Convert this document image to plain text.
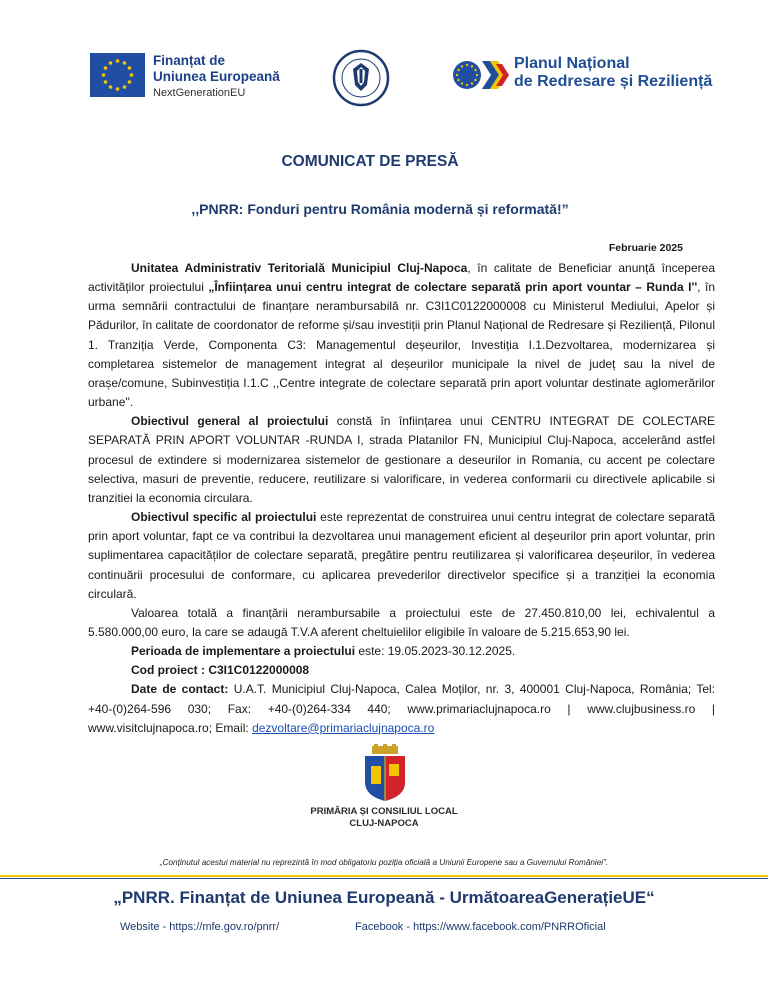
Finanțat de
Uniunea Europeană
NextGenerationEU
Planul Național
de Redresare și Reziliență
COMUNICAT DE PRESĂ
,,PNRR: Fonduri pentru România modernă și reformată!”
Februarie 2025

Unitatea Administrativ Teritorială Municipiul Cluj-Napoca, în calitate de Beneficiar anunță începerea activităților proiectului „Înființarea unui centru integrat de colectare separată prin aport vountar – Runda I'', în urma semnării contractului de finanțare nerambursabilă nr. C3I1C0122000008 cu Ministerul Mediului, Apelor și Pădurilor, în calitate de coordonator de reforme și/sau investiții prin Planul Național de Redresare și Reziliență, Pilonul 1. Tranziția Verde, Componenta C3: Managementul deșeurilor, Investiția I.1.Dezvoltarea, modernizarea și completarea sistemelor de management integrat al deșeurilor municipale la nivel de județ sau la nivel de orașe/comune, Subinvestiția I.1.C ,,Centre integrate de colectare separată prin aport voluntar destinate aglomerărilor urbane''.

Obiectivul general al proiectului constă în înființarea unui CENTRU INTEGRAT DE COLECTARE SEPARATĂ PRIN APORT VOLUNTAR -RUNDA I, strada Platanilor FN, Municipiul Cluj-Napoca, accelerând astfel procesul de extindere si modernizarea sistemelor de gestionare a deseurilor in Romania, cu accent pe colectare selectiva, masuri de preventie, reducere, reutilizare si valorificare, in vederea conformarii cu directivele aplicabile si tranzitiei la economia circulara.

Obiectivul specific al proiectului este reprezentat de construirea unui centru integrat de colectare separată prin aport voluntar, fapt ce va contribui la dezvoltarea unui management eficient al deșeurilor prin aport voluntar, prin suplimentarea capacităților de colectare separată, pregătire pentru reutilizarea și valorificarea deșeurilor, în vederea continuării procesului de conformare, cu aplicarea prevederilor directivelor specifice și a tranziției la economia circulară.

Valoarea totală a finanțării nerambursabile a proiectului este de 27.450.810,00 lei, echivalentul a 5.580.000,00 euro, la care se adaugă T.V.A aferent cheltuielilor eligibile în valoare de 5.215.653,90 lei.

Perioada de implementare a proiectului este: 19.05.2023-30.12.2025.

Cod proiect : C3I1C0122000008

Date de contact: U.A.T. Municipiul Cluj-Napoca, Calea Moților, nr. 3, 400001 Cluj-Napoca, România; Tel: +40-(0)264-596 030; Fax: +40-(0)264-334 440; www.primariaclujnapoca.ro | www.clujbusiness.ro | www.visitclujnapoca.ro; Email: dezvoltare@primariaclujnapoca.ro

PRIMĂRIA ȘI CONSILIUL LOCAL
CLUJ-NAPOCA
„Conținutul acestui material nu reprezintă în mod obligatoriu poziția oficială a Uniunii Europene sau a Guvernului României”.
„PNRR. Finanțat de Uniunea Europeană - UrmătoareaGenerațieUE“
Website - https://mfe.gov.ro/pnrr/	Facebook - https://www.facebook.com/PNRROficial
